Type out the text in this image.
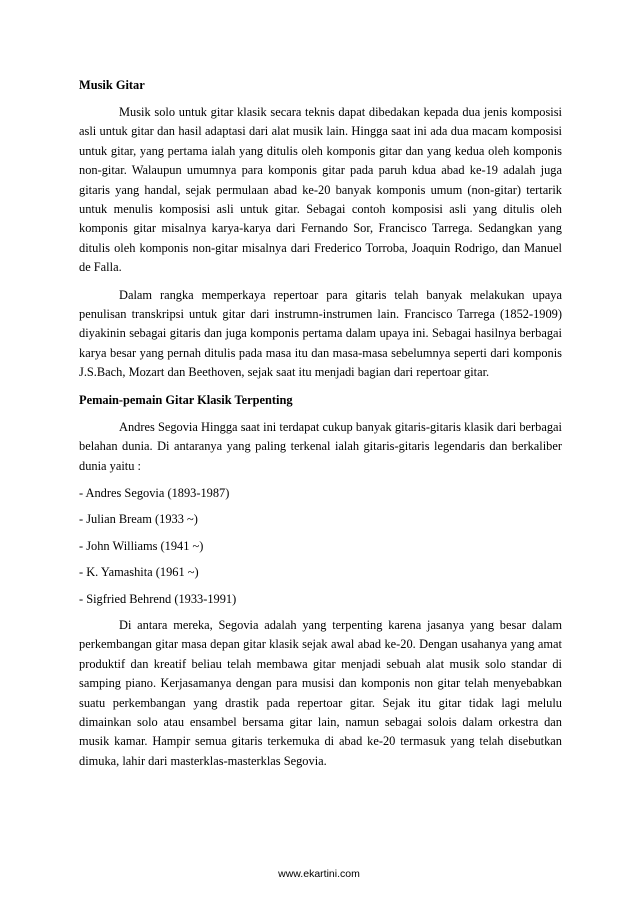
Musik Gitar

Musik solo untuk gitar klasik secara teknis dapat dibedakan kepada dua jenis komposisi asli untuk gitar dan hasil adaptasi dari alat musik lain. Hingga saat ini ada dua macam komposisi untuk gitar, yang pertama ialah yang ditulis oleh komponis gitar dan yang kedua oleh komponis non-gitar. Walaupun umumnya para komponis gitar pada paruh kdua abad ke-19 adalah juga gitaris yang handal, sejak permulaan abad ke-20 banyak komponis umum (non-gitar) tertarik untuk menulis komposisi asli untuk gitar. Sebagai contoh komposisi asli yang ditulis oleh komponis gitar misalnya karya-karya dari Fernando Sor, Francisco Tarrega. Sedangkan yang ditulis oleh komponis non-gitar misalnya dari Frederico Torroba, Joaquin Rodrigo, dan Manuel de Falla.

Dalam rangka memperkaya repertoar para gitaris telah banyak melakukan upaya penulisan transkripsi untuk gitar dari instrumn-instrumen lain. Francisco Tarrega (1852-1909) diyakinin sebagai gitaris dan juga komponis pertama dalam upaya ini. Sebagai hasilnya berbagai karya besar yang pernah ditulis pada masa itu dan masa-masa sebelumnya seperti dari komponis J.S.Bach, Mozart dan Beethoven, sejak saat itu menjadi bagian dari repertoar gitar.

Pemain-pemain Gitar Klasik Terpenting

Andres Segovia Hingga saat ini terdapat cukup banyak gitaris-gitaris klasik dari berbagai belahan dunia. Di antaranya yang paling terkenal ialah gitaris-gitaris legendaris dan berkaliber dunia yaitu :

- Andres Segovia (1893-1987)
- Julian Bream (1933 ~)
- John Williams (1941 ~)
- K. Yamashita (1961 ~)
- Sigfried Behrend (1933-1991)

Di antara mereka, Segovia adalah yang terpenting karena jasanya yang besar dalam perkembangan gitar masa depan gitar klasik sejak awal abad ke-20. Dengan usahanya yang amat produktif dan kreatif beliau telah membawa gitar menjadi sebuah alat musik solo standar di samping piano. Kerjasamanya dengan para musisi dan komponis non gitar telah menyebabkan suatu perkembangan yang drastik pada repertoar gitar. Sejak itu gitar tidak lagi melulu dimainkan solo atau ensambel bersama gitar lain, namun sebagai solois dalam orkestra dan musik kamar. Hampir semua gitaris terkemuka di abad ke-20 termasuk yang telah disebutkan dimuka, lahir dari masterklas-masterklas Segovia.

www.ekartini.com
